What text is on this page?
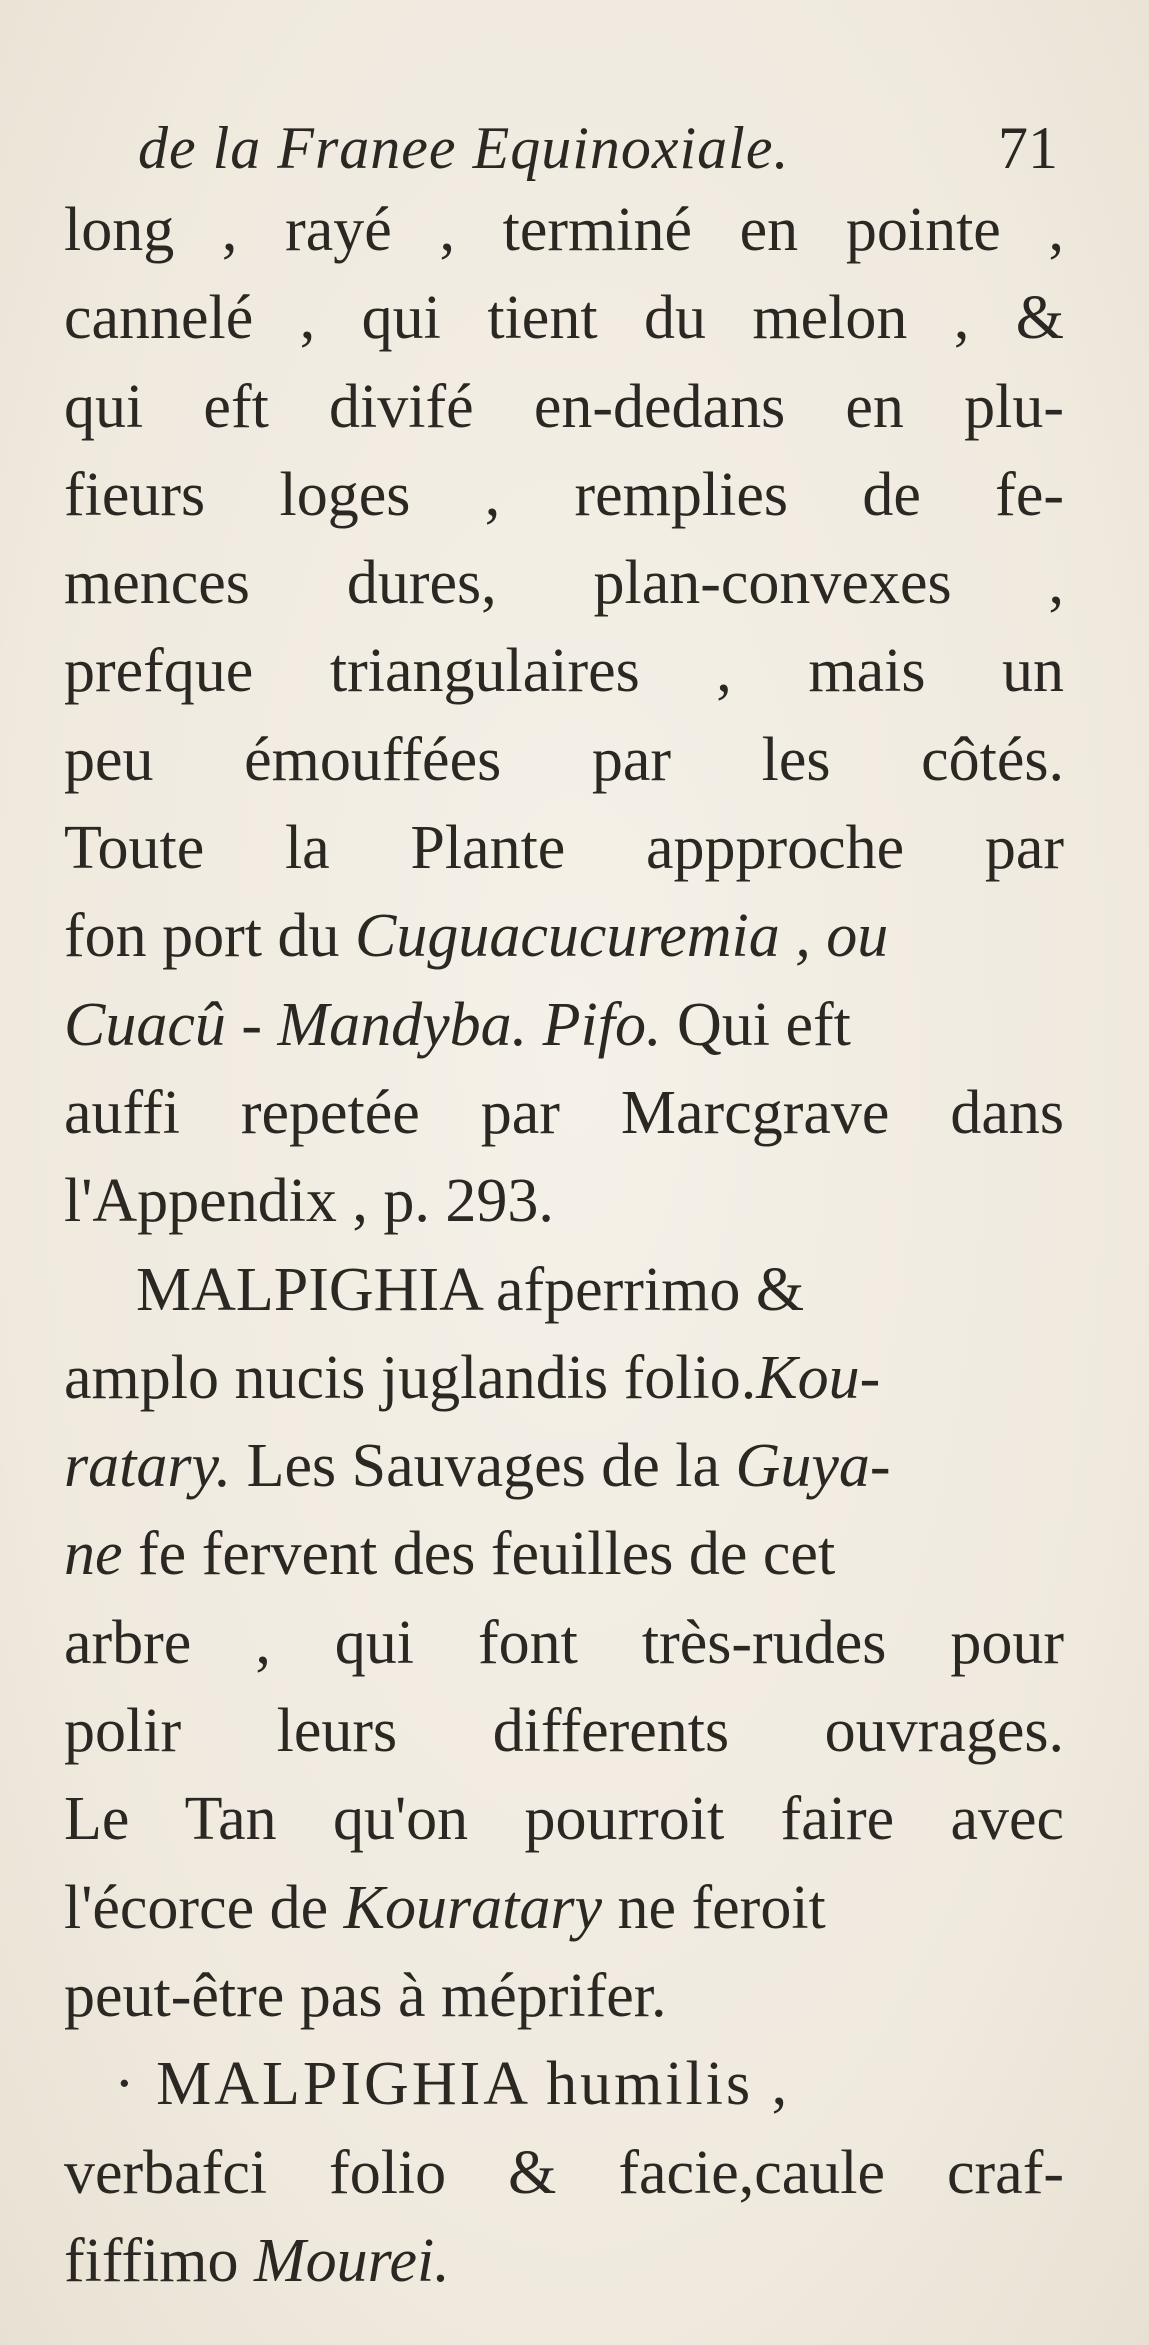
de la Franee Equinoxiale.	71
long , rayé , terminé en pointe ,
cannelé , qui tient du melon , &
qui eft divifé en-dedans en plu-
fieurs loges , remplies de fe-
mences dures, plan-convexes ,
prefque triangulaires , mais un
peu émouffées par les côtés.
Toute la Plante appproche par
fon port du Cuguacucuremia , ou
Cuacû - Mandyba. Pifo. Qui eft
auffi repetée par Marcgrave dans
l'Appendix , p. 293.
MALPIGHIA afperrimo &
amplo nucis juglandis folio.Kou-
ratary. Les Sauvages de la Guya-
ne fe fervent des feuilles de cet
arbre , qui font très-rudes pour
polir leurs differents ouvrages.
Le Tan qu'on pourroit faire avec
l'écorce de Kouratary ne feroit
peut-être pas à méprifer.
· MALPIGHIA humilis ,
verbafci folio & facie,caule craf-
fiffimo Mourei.
